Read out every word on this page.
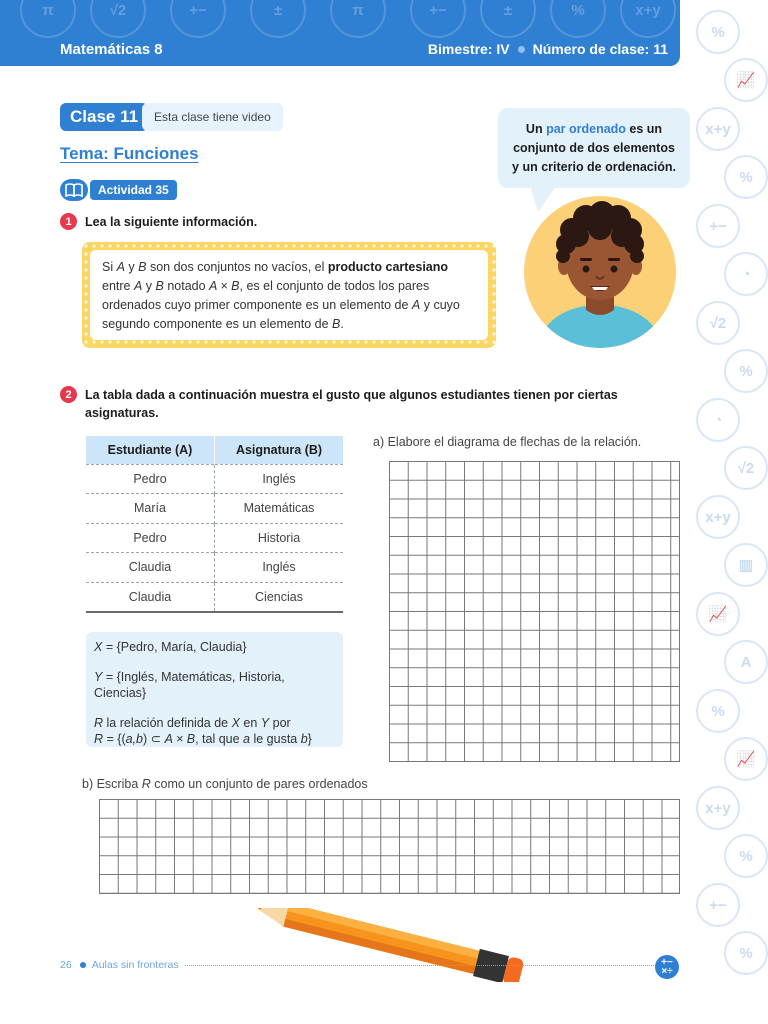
%
📈
x+y
%
+−
◔
√2
%
◔
√2
x+y
▥
📈
A
%
📈
x+y
%
+−
%
π	√2	+−	±	π	+−	±	%	x+y
Matemáticas 8	Bimestre: IV Número de clase: 11
Clase 11	Esta clase tiene video
Tema: Funciones
Actividad 35
1	Lea la siguiente información.
Si A y B son dos conjuntos no vacíos, el producto cartesiano entre A y B notado A × B, es el conjunto de todos los pares ordenados cuyo primer componente es un elemento de A y cuyo segundo componente es un elemento de B.
Un par ordenado es un conjunto de dos elementos y un criterio de ordenación.
2	La tabla dada a continuación muestra el gusto que algunos estudiantes tienen por ciertas asignaturas.
Estudiante (A)	Asignatura (B)
Pedro	Inglés
María	Matemáticas
Pedro	Historia
Claudia	Inglés
Claudia	Ciencias

X = {Pedro, María, Claudia}

Y = {Inglés, Matemáticas, Historia, Ciencias}

R la relación definida de X en Y por
R = {(a,b) ⊂ A × B, tal que a le gusta b}

a) Elabore el diagrama de flechas de la relación.
b) Escriba R como un conjunto de pares ordenados
26 Aulas sin fronteras	+− ×÷
